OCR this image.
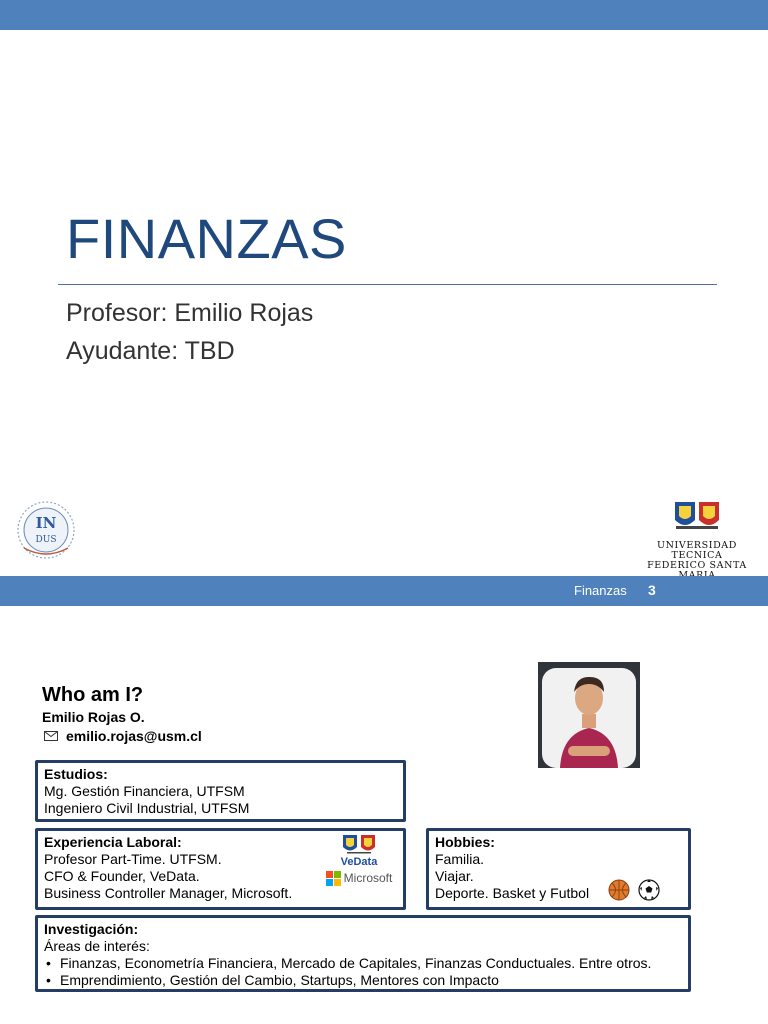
FINANZAS
Profesor: Emilio Rojas
Ayudante: TBD
IN
DUS	UNIVERSIDAD TECNICA
FEDERICO SANTA
Finanzas 3
Who am I?
Emilio Rojas O.
emilio.rojas@usm.cl
Estudios:
Mg. Gestión Financiera, UTFSM
Ingeniero Civil Industrial, UTFSM
Experiencia Laboral:
Profesor Part-Time. UTFSM.
CFO & Founder, VeData.
Business Controller Manager, Microsoft.
VeData
Microsoft
Hobbies:
Familia.
Viajar.
Deporte. Basket y Futbol
Investigación:
Áreas de interés:
• Finanzas, Econometría Financiera, Mercado de Capitales, Finanzas Conductuales. Entre otros.
• Emprendimiento, Gestión del Cambio, Startups, Mentores con Impacto
